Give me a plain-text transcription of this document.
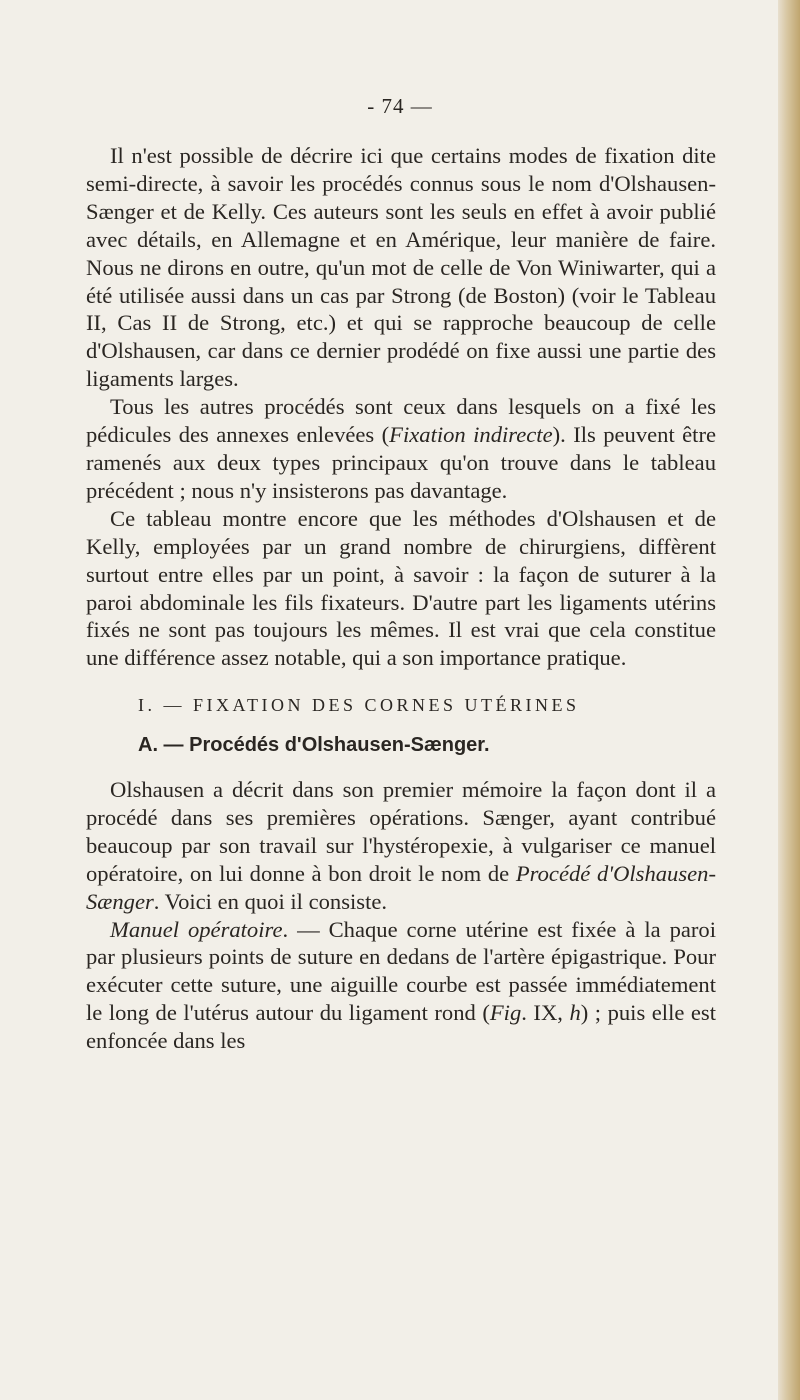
- 74 —

Il n'est possible de décrire ici que certains modes de fixation dite semi-directe, à savoir les procédés connus sous le nom d'Olshausen-Sænger et de Kelly. Ces auteurs sont les seuls en effet à avoir publié avec détails, en Allemagne et en Amérique, leur manière de faire. Nous ne dirons en outre, qu'un mot de celle de Von Winiwarter, qui a été utilisée aussi dans un cas par Strong (de Boston) (voir le Tableau II, Cas II de Strong, etc.) et qui se rapproche beaucoup de celle d'Olshausen, car dans ce dernier prodédé on fixe aussi une partie des ligaments larges.

Tous les autres procédés sont ceux dans lesquels on a fixé les pédicules des annexes enlevées (Fixation indirecte). Ils peuvent être ramenés aux deux types principaux qu'on trouve dans le tableau précédent ; nous n'y insisterons pas davantage.

Ce tableau montre encore que les méthodes d'Olshausen et de Kelly, employées par un grand nombre de chirurgiens, diffèrent surtout entre elles par un point, à savoir : la façon de suturer à la paroi abdominale les fils fixateurs. D'autre part les ligaments utérins fixés ne sont pas toujours les mêmes. Il est vrai que cela constitue une différence assez notable, qui a son importance pratique.

I. — FIXATION DES CORNES UTÉRINES
A. — Procédés d'Olshausen-Sænger.

Olshausen a décrit dans son premier mémoire la façon dont il a procédé dans ses premières opérations. Sænger, ayant contribué beaucoup par son travail sur l'hystéropexie, à vulgariser ce manuel opératoire, on lui donne à bon droit le nom de Procédé d'Olshausen-Sænger. Voici en quoi il consiste.

Manuel opératoire. — Chaque corne utérine est fixée à la paroi par plusieurs points de suture en dedans de l'artère épigastrique. Pour exécuter cette suture, une aiguille courbe est passée immédiatement le long de l'utérus autour du ligament rond (Fig. IX, h) ; puis elle est enfoncée dans les
